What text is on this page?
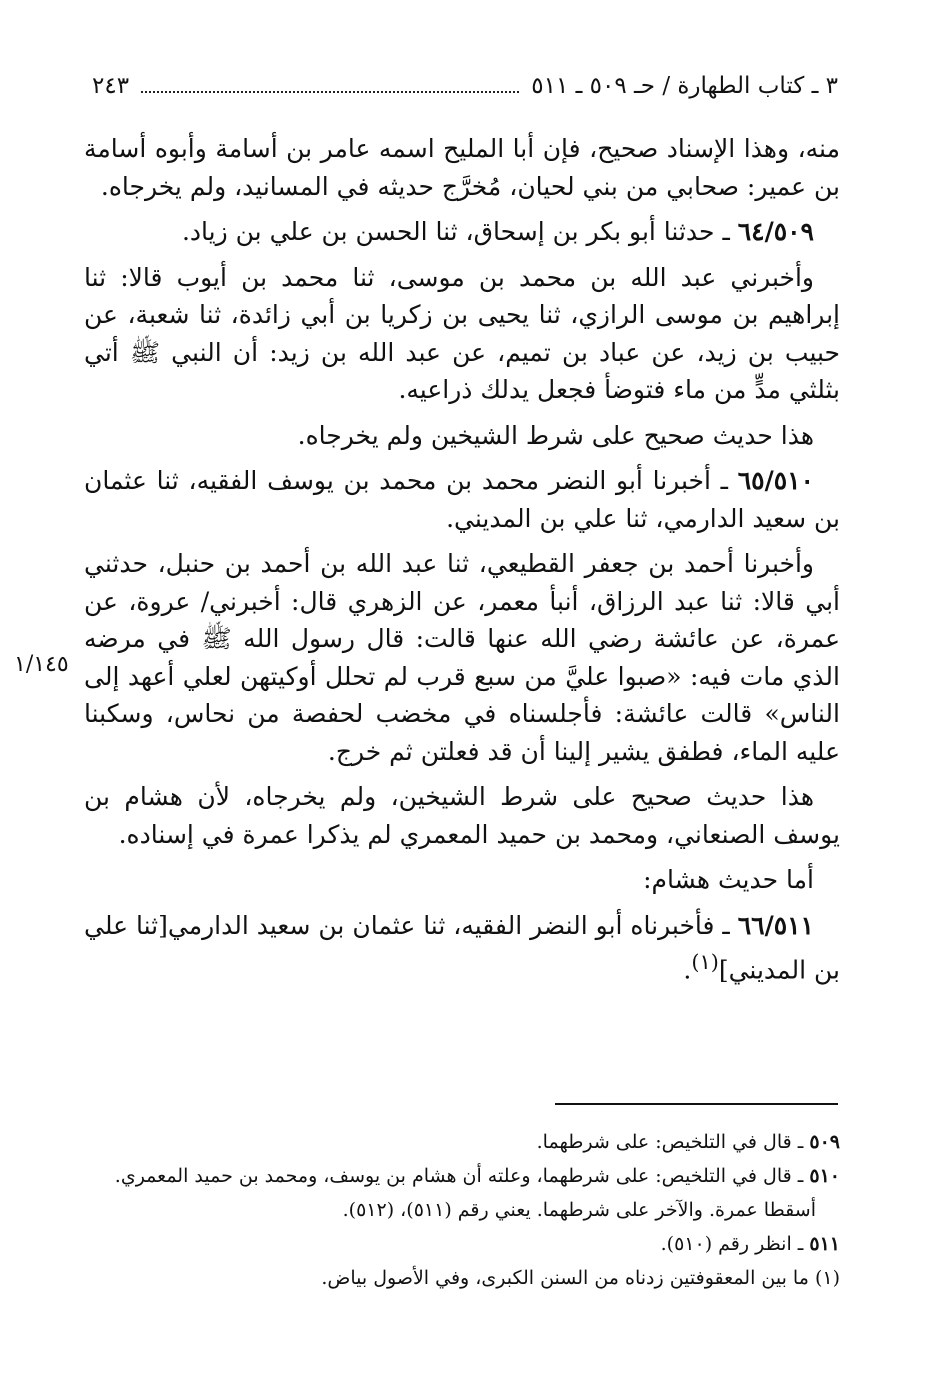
٣ ـ كتاب الطهارة / حـ ٥٠٩ ـ ٥١١
٢٤٣
١/١٤٥

منه، وهذا الإسناد صحيح، فإن أبا المليح اسمه عامر بن أسامة وأبوه أسامة بن عمير: صحابي من بني لحيان، مُخرَّج حديثه في المسانيد، ولم يخرجاه.

٦٤/٥٠٩ ـ حدثنا أبو بكر بن إسحاق، ثنا الحسن بن علي بن زياد.

وأخبرني عبد الله بن محمد بن موسى، ثنا محمد بن أيوب قالا: ثنا إبراهيم بن موسى الرازي، ثنا يحيى بن زكريا بن أبي زائدة، ثنا شعبة، عن حبيب بن زيد، عن عباد بن تميم، عن عبد الله بن زيد: أن النبي ﷺ أتي بثلثي مدٍّ من ماء فتوضأ فجعل يدلك ذراعيه.

هذا حديث صحيح على شرط الشيخين ولم يخرجاه.

٦٥/٥١٠ ـ أخبرنا أبو النضر محمد بن محمد بن يوسف الفقيه، ثنا عثمان بن سعيد الدارمي، ثنا علي بن المديني.

وأخبرنا أحمد بن جعفر القطيعي، ثنا عبد الله بن أحمد بن حنبل، حدثني أبي قالا: ثنا عبد الرزاق، أنبأ معمر، عن الزهري قال: أخبرني/ عروة، عن عمرة، عن عائشة رضي الله عنها قالت: قال رسول الله ﷺ في مرضه الذي مات فيه: «صبوا عليَّ من سبع قرب لم تحلل أوكيتهن لعلي أعهد إلى الناس» قالت عائشة: فأجلسناه في مخضب لحفصة من نحاس، وسكبنا عليه الماء، فطفق يشير إلينا أن قد فعلتن ثم خرج.

هذا حديث صحيح على شرط الشيخين، ولم يخرجاه، لأن هشام بن يوسف الصنعاني، ومحمد بن حميد المعمري لم يذكرا عمرة في إسناده.

أما حديث هشام:

٦٦/٥١١ ـ فأخبرناه أبو النضر الفقيه، ثنا عثمان بن سعيد الدارمي[ثنا علي بن المديني]$^{(١)}$.

٥٠٩ ـ قال في التلخيص: على شرطهما.

٥١٠ ـ قال في التلخيص: على شرطهما، وعلته أن هشام بن يوسف، ومحمد بن حميد المعمري.

أسقطا عمرة. والآخر على شرطهما. يعني رقم (٥١١)، (٥١٢).

٥١١ ـ انظر رقم (٥١٠).

(١) ما بين المعقوفتين زدناه من السنن الكبرى، وفي الأصول بياض.
